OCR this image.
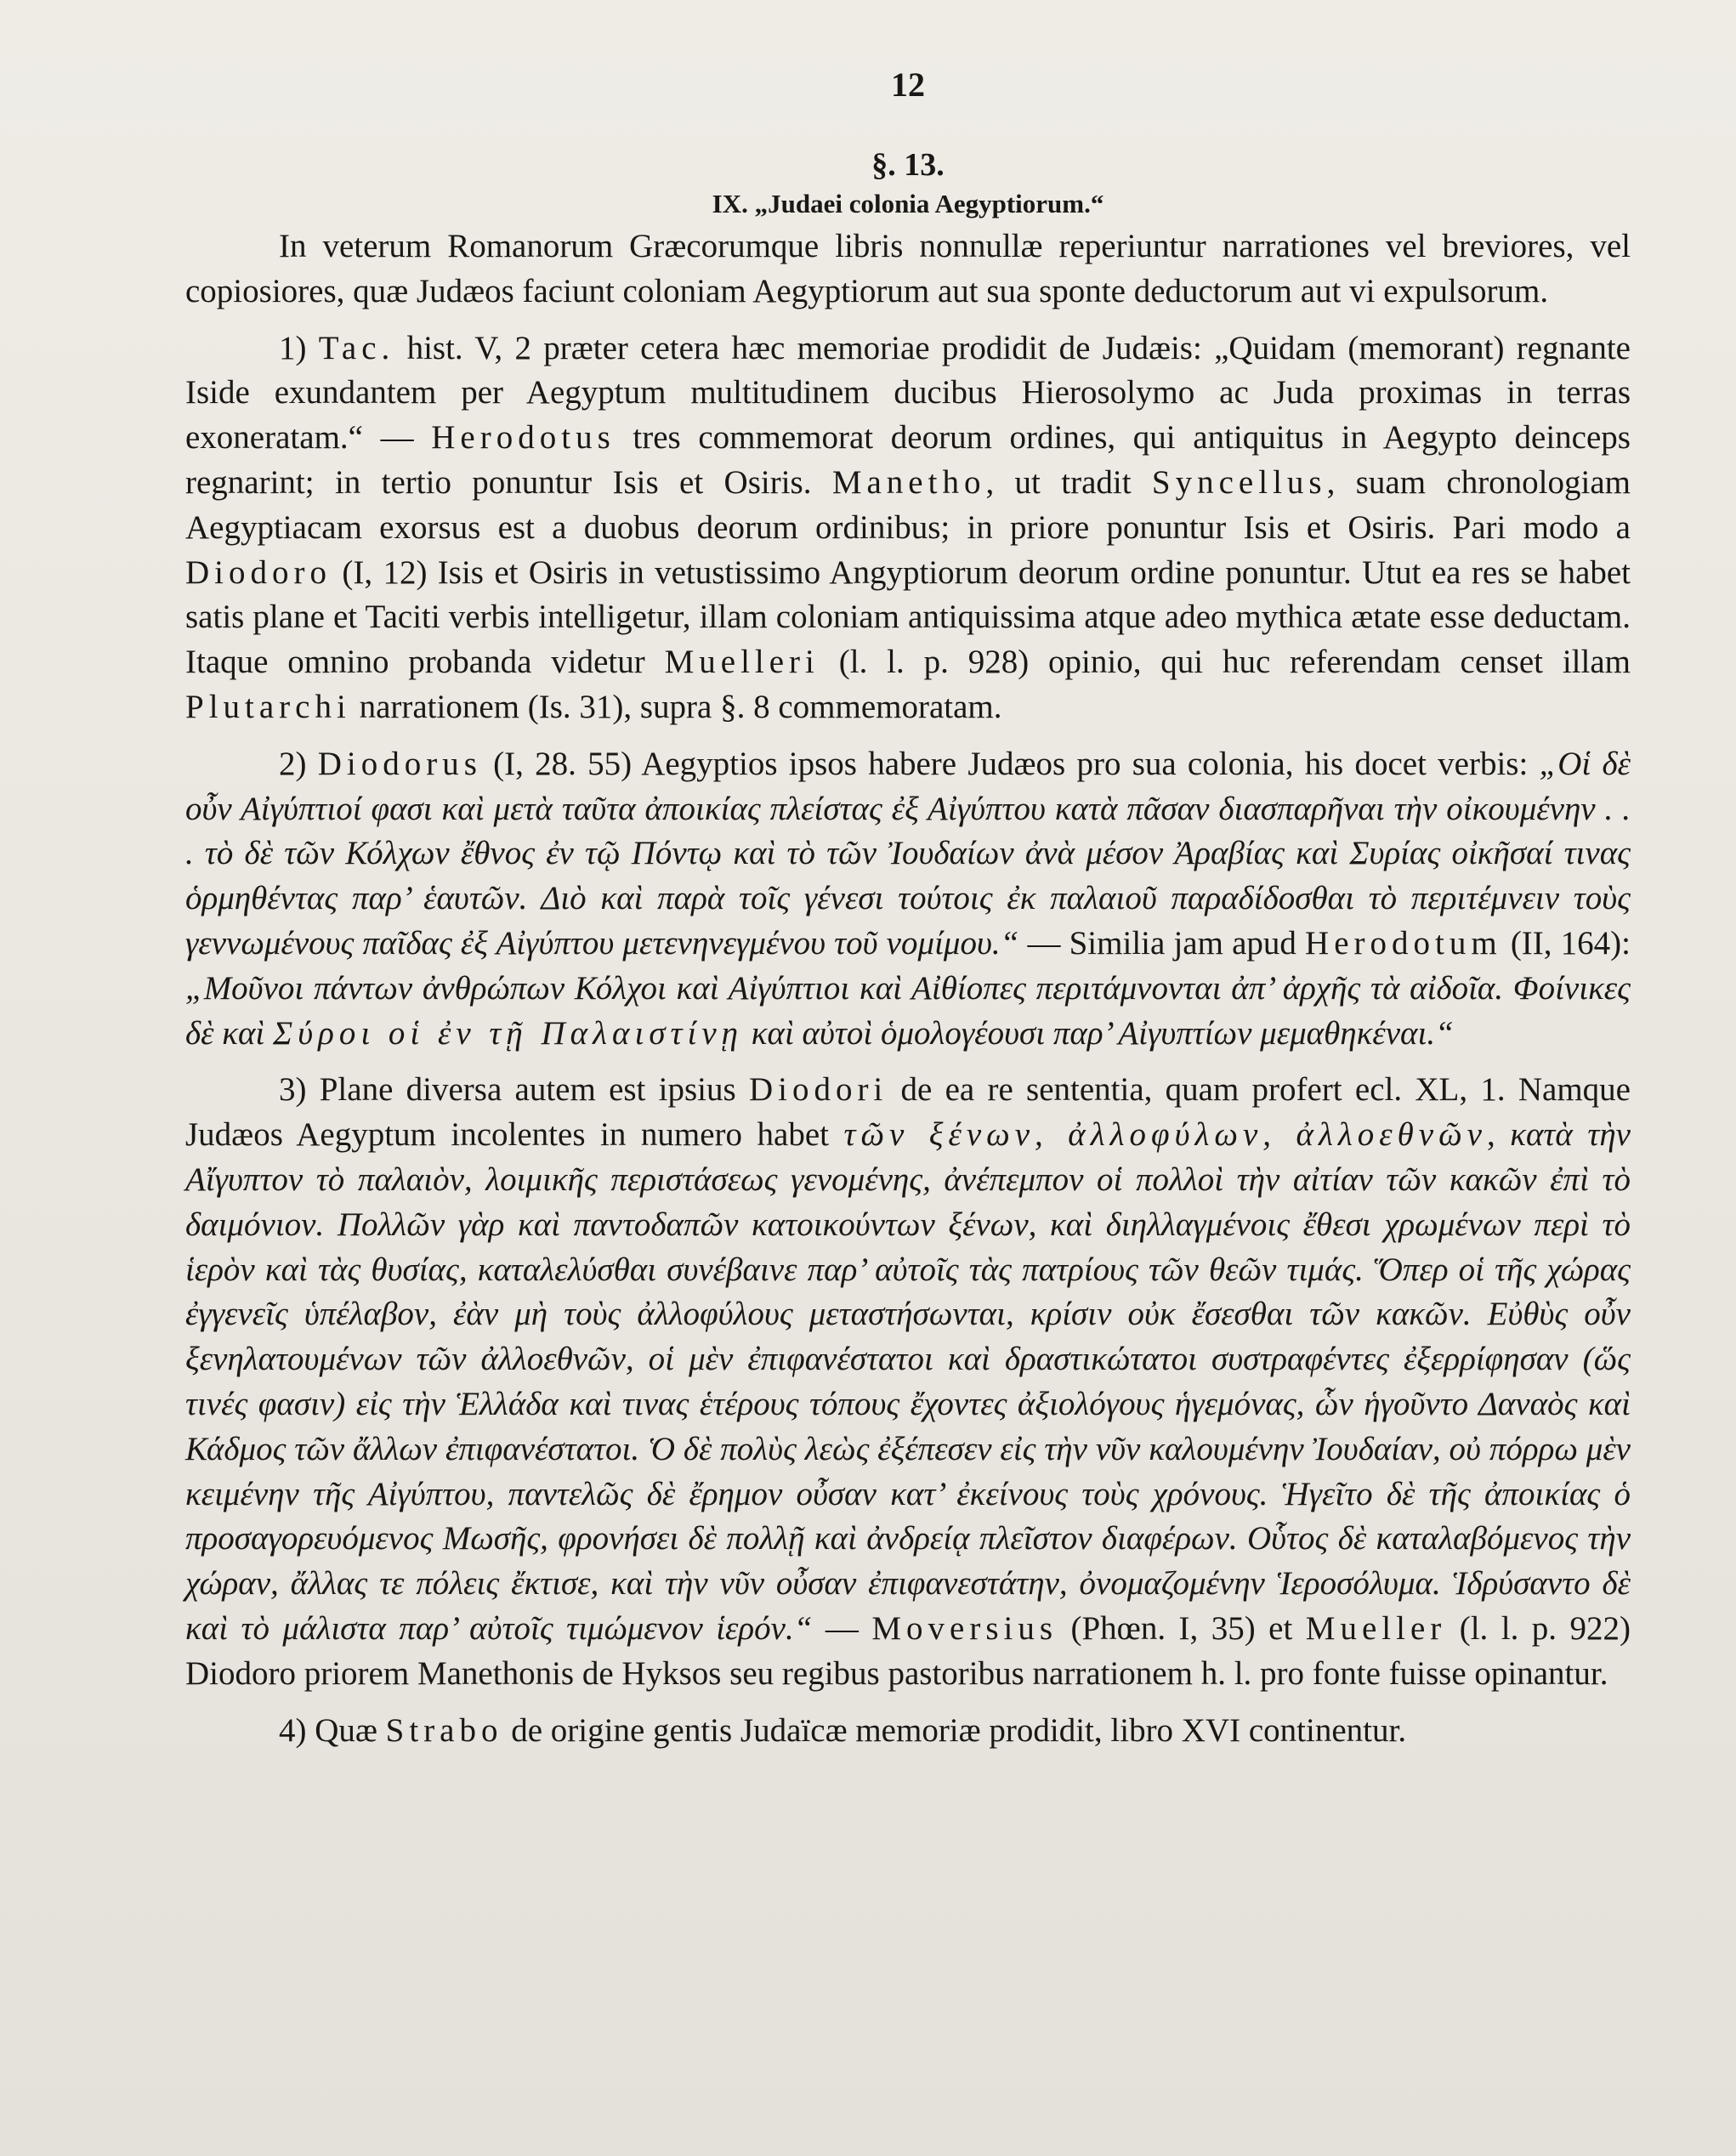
12
§. 13.
IX. „Judaei colonia Aegyptiorum.“

In veterum Romanorum Græcorumque libris nonnullæ reperiuntur narrationes vel breviores, vel copiosiores, quæ Judæos faciunt coloniam Aegyptiorum aut sua sponte deductorum aut vi expulsorum.

1) Tac. hist. V, 2 præter cetera hæc memoriae prodidit de Judæis: „Quidam (memorant) regnante Iside exundantem per Aegyptum multitudinem ducibus Hierosolymo ac Juda proximas in terras exoneratam.“ — Herodotus tres commemorat deorum ordines, qui antiquitus in Aegypto deinceps regnarint; in tertio ponuntur Isis et Osiris. Manetho, ut tradit Syncellus, suam chronologiam Aegyptiacam exorsus est a duobus deorum ordinibus; in priore ponuntur Isis et Osiris. Pari modo a Diodoro (I, 12) Isis et Osiris in vetustissimo Angyptiorum deorum ordine ponuntur. Utut ea res se habet satis plane et Taciti verbis intelligetur, illam coloniam antiquissima atque adeo mythica ætate esse deductam. Itaque omnino probanda videtur Muelleri (l. l. p. 928) opinio, qui huc referendam censet illam Plutarchi narrationem (Is. 31), supra §. 8 commemoratam.

2) Diodorus (I, 28. 55) Aegyptios ipsos habere Judæos pro sua colonia, his docet verbis: „Οἱ δὲ οὖν Αἰγύπτιοί φασι καὶ μετὰ ταῦτα ἀποικίας πλείστας ἐξ Αἰγύπτου κατὰ πᾶσαν διασπαρῆναι τὴν οἰκουμένην . . . τὸ δὲ τῶν Κόλχων ἔθνος ἐν τῷ Πόντῳ καὶ τὸ τῶν Ἰουδαίων ἀνὰ μέσον Ἀραβίας καὶ Συρίας οἰκῆσαί τινας ὁρμηθέντας παρ’ ἑαυτῶν. Διὸ καὶ παρὰ τοῖς γένεσι τούτοις ἐκ παλαιοῦ παραδίδοσθαι τὸ περιτέμνειν τοὺς γεννωμένους παῖδας ἐξ Αἰγύπτου μετενηνεγμένου τοῦ νομίμου.“ — Similia jam apud Herodotum (II, 164): „Μοῦνοι πάντων ἀνθρώπων Κόλχοι καὶ Αἰγύπτιοι καὶ Αἰθίοπες περιτάμνονται ἀπ’ ἀρχῆς τὰ αἰδοῖα. Φοίνικες δὲ καὶ Σύροι οἱ ἐν τῇ Παλαιστίνῃ καὶ αὐτοὶ ὁμολογέουσι παρ’ Αἰγυπτίων μεμαθηκέναι.“

3) Plane diversa autem est ipsius Diodori de ea re sententia, quam profert ecl. XL, 1. Namque Judæos Aegyptum incolentes in numero habet τῶν ξένων, ἀλλοφύλων, ἀλλοεθνῶν, κατὰ τὴν Αἴγυπτον τὸ παλαιὸν, λοιμικῆς περιστάσεως γενομένης, ἀνέπεμπον οἱ πολλοὶ τὴν αἰτίαν τῶν κακῶν ἐπὶ τὸ δαιμόνιον. Πολλῶν γὰρ καὶ παντοδαπῶν κατοικούντων ξένων, καὶ διηλλαγμένοις ἔθεσι χρωμένων περὶ τὸ ἱερὸν καὶ τὰς θυσίας, καταλελύσθαι συνέβαινε παρ’ αὐτοῖς τὰς πατρίους τῶν θεῶν τιμάς. Ὅπερ οἱ τῆς χώρας ἐγγενεῖς ὑπέλαβον, ἐὰν μὴ τοὺς ἀλλοφύλους μεταστήσωνται, κρίσιν οὐκ ἔσεσθαι τῶν κακῶν. Εὐθὺς οὖν ξενηλατουμένων τῶν ἀλλοεθνῶν, οἱ μὲν ἐπιφανέστατοι καὶ δραστικώτατοι συστραφέντες ἐξερρίφησαν (ὥς τινές φασιν) εἰς τὴν Ἑλλάδα καὶ τινας ἑτέρους τόπους ἔχοντες ἀξιολόγους ἡγεμόνας, ὧν ἡγοῦντο Δαναὸς καὶ Κάδμος τῶν ἄλλων ἐπιφανέστατοι. Ὁ δὲ πολὺς λεὼς ἐξέπεσεν εἰς τὴν νῦν καλουμένην Ἰουδαίαν, οὐ πόρρω μὲν κειμένην τῆς Αἰγύπτου, παντελῶς δὲ ἔρημον οὖσαν κατ’ ἐκείνους τοὺς χρόνους. Ἡγεῖτο δὲ τῆς ἀποικίας ὁ προσαγορευόμενος Μωσῆς, φρονήσει δὲ πολλῇ καὶ ἀνδρείᾳ πλεῖστον διαφέρων. Οὗτος δὲ καταλαβόμενος τὴν χώραν, ἄλλας τε πόλεις ἔκτισε, καὶ τὴν νῦν οὖσαν ἐπιφανεστάτην, ὀνομαζομένην Ἱεροσόλυμα. Ἱδρύσαντο δὲ καὶ τὸ μάλιστα παρ’ αὐτοῖς τιμώμενον ἱερόν.“ — Moversius (Phœn. I, 35) et Mueller (l. l. p. 922) Diodoro priorem Manethonis de Hyksos seu regibus pastoribus narrationem h. l. pro fonte fuisse opinantur.

4) Quæ Strabo de origine gentis Judaïcæ memoriæ prodidit, libro XVI continentur.
